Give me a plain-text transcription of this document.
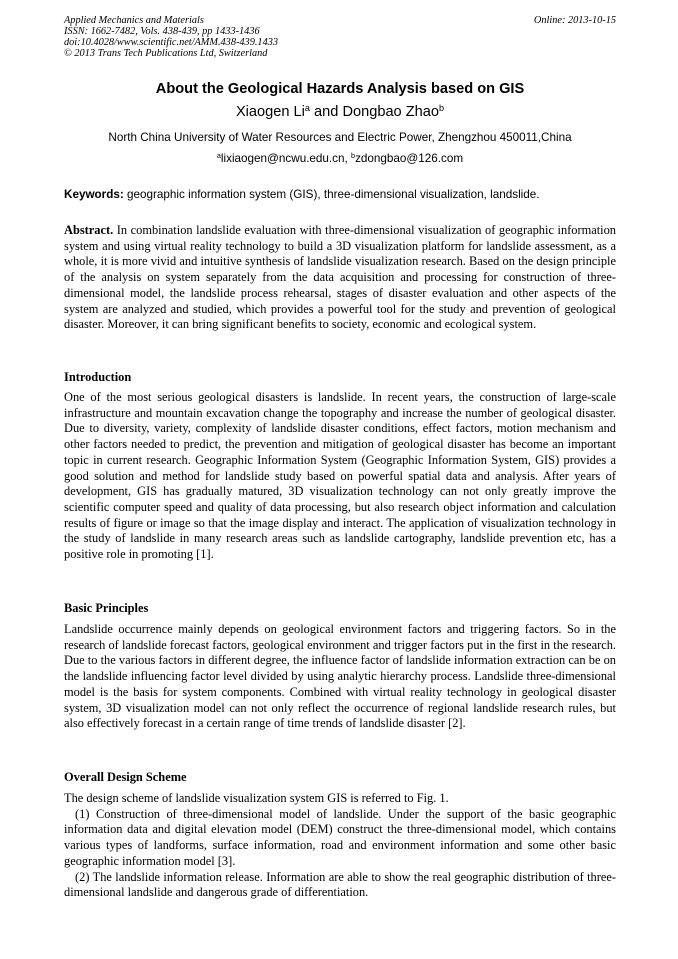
Applied Mechanics and Materials
ISSN: 1662-7482, Vols. 438-439, pp 1433-1436
doi:10.4028/www.scientific.net/AMM.438-439.1433
© 2013 Trans Tech Publications Ltd, Switzerland
Online: 2013-10-15
About the Geological Hazards Analysis based on GIS
Xiaogen Li$^a$ and Dongbao Zhao$^b$
North China University of Water Resources and Electric Power, Zhengzhou 450011,China
$^a$lixiaogen@ncwu.edu.cn, $^b$zdongbao@126.com
Keywords: geographic information system (GIS), three-dimensional visualization, landslide.
Abstract. In combination landslide evaluation with three-dimensional visualization of geographic information system and using virtual reality technology to build a 3D visualization platform for landslide assessment, as a whole, it is more vivid and intuitive synthesis of landslide visualization research. Based on the design principle of the analysis on system separately from the data acquisition and processing for construction of three-dimensional model, the landslide process rehearsal, stages of disaster evaluation and other aspects of the system are analyzed and studied, which provides a powerful tool for the study and prevention of geological disaster. Moreover, it can bring significant benefits to society, economic and ecological system.
Introduction
One of the most serious geological disasters is landslide. In recent years, the construction of large-scale infrastructure and mountain excavation change the topography and increase the number of geological disaster. Due to diversity, variety, complexity of landslide disaster conditions, effect factors, motion mechanism and other factors needed to predict, the prevention and mitigation of geological disaster has become an important topic in current research. Geographic Information System (Geographic Information System, GIS) provides a good solution and method for landslide study based on powerful spatial data and analysis. After years of development, GIS has gradually matured, 3D visualization technology can not only greatly improve the scientific computer speed and quality of data processing, but also research object information and calculation results of figure or image so that the image display and interact. The application of visualization technology in the study of landslide in many research areas such as landslide cartography, landslide prevention etc, has a positive role in promoting [1].
Basic Principles
Landslide occurrence mainly depends on geological environment factors and triggering factors. So in the research of landslide forecast factors, geological environment and trigger factors put in the first in the research. Due to the various factors in different degree, the influence factor of landslide information extraction can be on the landslide influencing factor level divided by using analytic hierarchy process. Landslide three-dimensional model is the basis for system components. Combined with virtual reality technology in geological disaster system, 3D visualization model can not only reflect the occurrence of regional landslide research rules, but also effectively forecast in a certain range of time trends of landslide disaster [2].
Overall Design Scheme

The design scheme of landslide visualization system GIS is referred to Fig. 1.

(1) Construction of three-dimensional model of landslide. Under the support of the basic geographic information data and digital elevation model (DEM) construct the three-dimensional model, which contains various types of landforms, surface information, road and environment information and some other basic geographic information model [3].

(2) The landslide information release. Information are able to show the real geographic distribution of three-dimensional landslide and dangerous grade of differentiation.
